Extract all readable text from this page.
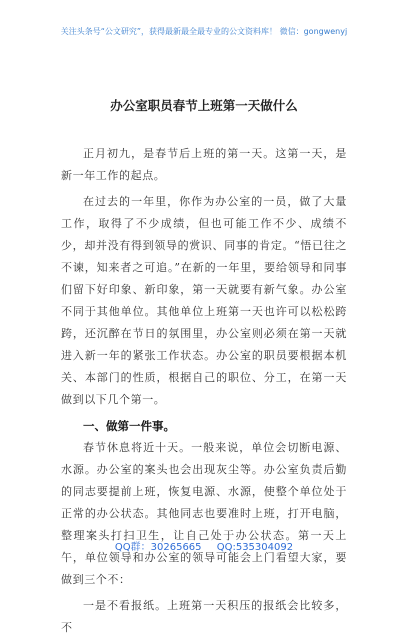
关注头条号“公文研究”，获得最新最全最专业的公文资料库！ 微信：gongwenyj
办公室职员春节上班第一天做什么

正月初九，是春节后上班的第一天。这第一天，是新一年工作的起点。

在过去的一年里，你作为办公室的一员，做了大量工作，取得了不少成绩，但也可能工作不少、成绩不少，却并没有得到领导的赏识、同事的肯定。“悟已往之不谏，知来者之可追。”在新的一年里，要给领导和同事们留下好印象、新印象，第一天就要有新气象。办公室不同于其他单位。其他单位上班第一天也许可以松松跨跨，还沉醉在节日的氛围里，办公室则必须在第一天就进入新一年的紧张工作状态。办公室的职员要根据本机关、本部门的性质，根据自己的职位、分工，在第一天做到以下几个第一。

一、做第一件事。

春节休息将近十天。一般来说，单位会切断电源、水源。办公室的案头也会出现灰尘等。办公室负责后勤的同志要提前上班，恢复电源、水源，使整个单位处于正常的办公状态。其他同志也要准时上班，打开电脑，整理案头打扫卫生，让自己处于办公状态。第一天上午，单位领导和办公室的领导可能会上门看望大家，要做到三个不：

一是不看报纸。上班第一天积压的报纸会比较多，不

QQ群：30265665 QQ:535304092
